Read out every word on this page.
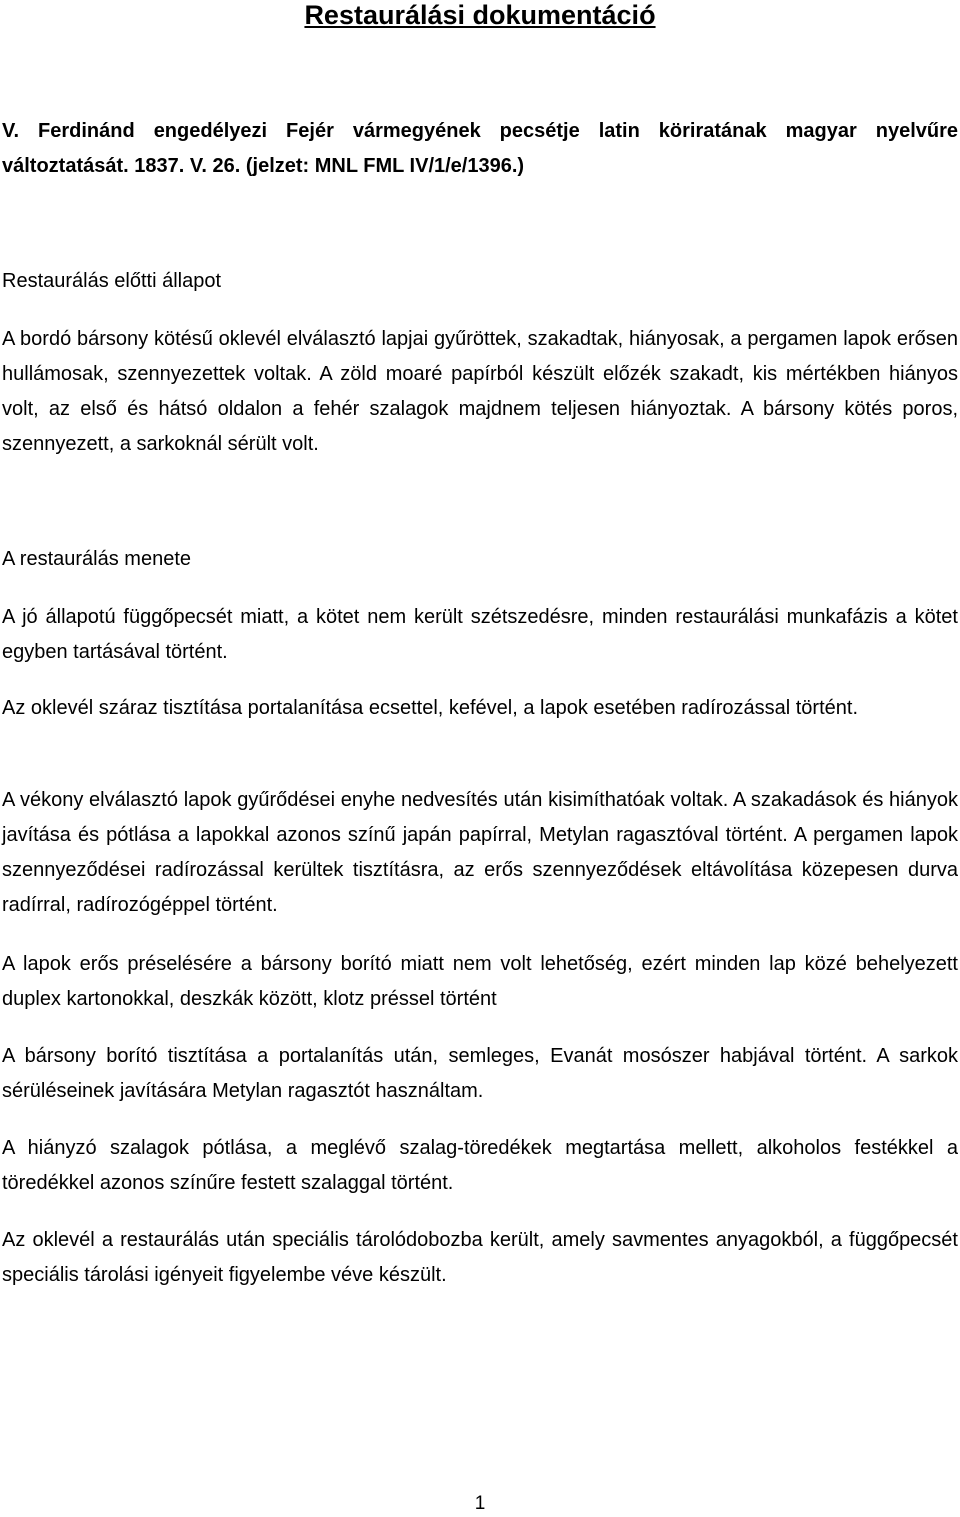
Restaurálási dokumentáció

V. Ferdinánd engedélyezi Fejér vármegyének pecsétje latin köriratának magyar nyelvűre változtatását. 1837. V. 26. (jelzet: MNL FML IV/1/e/1396.)

Restaurálás előtti állapot

A bordó bársony kötésű oklevél elválasztó lapjai gyűröttek, szakadtak, hiányosak, a pergamen lapok erősen hullámosak, szennyezettek voltak. A zöld moaré papírból készült előzék szakadt, kis mértékben hiányos volt, az első és hátsó oldalon a fehér szalagok majdnem teljesen hiányoztak. A bársony kötés poros, szennyezett, a sarkoknál sérült volt.

A restaurálás menete

A jó állapotú függőpecsét miatt, a kötet nem került szétszedésre, minden restaurálási munkafázis a kötet egyben tartásával történt.

Az oklevél száraz tisztítása portalanítása ecsettel, kefével, a lapok esetében radírozással történt.

A vékony elválasztó lapok gyűrődései enyhe nedvesítés után kisimíthatóak voltak. A szakadások és hiányok javítása és pótlása a lapokkal azonos színű japán papírral, Metylan ragasztóval történt. A pergamen lapok szennyeződései radírozással kerültek tisztításra, az erős szennyeződések eltávolítása közepesen durva radírral, radírozógéppel történt.

A lapok erős préselésére a bársony borító miatt nem volt lehetőség, ezért minden lap közé behelyezett duplex kartonokkal, deszkák között, klotz préssel történt

A bársony borító tisztítása a portalanítás után, semleges, Evanát mosószer habjával történt. A sarkok sérüléseinek javítására Metylan ragasztót használtam.

A hiányzó szalagok pótlása, a meglévő szalag-töredékek megtartása mellett, alkoholos festékkel a töredékkel azonos színűre festett szalaggal történt.

Az oklevél a restaurálás után speciális tárolódobozba került, amely savmentes anyagokból, a függőpecsét speciális tárolási igényeit figyelembe véve készült.

1
